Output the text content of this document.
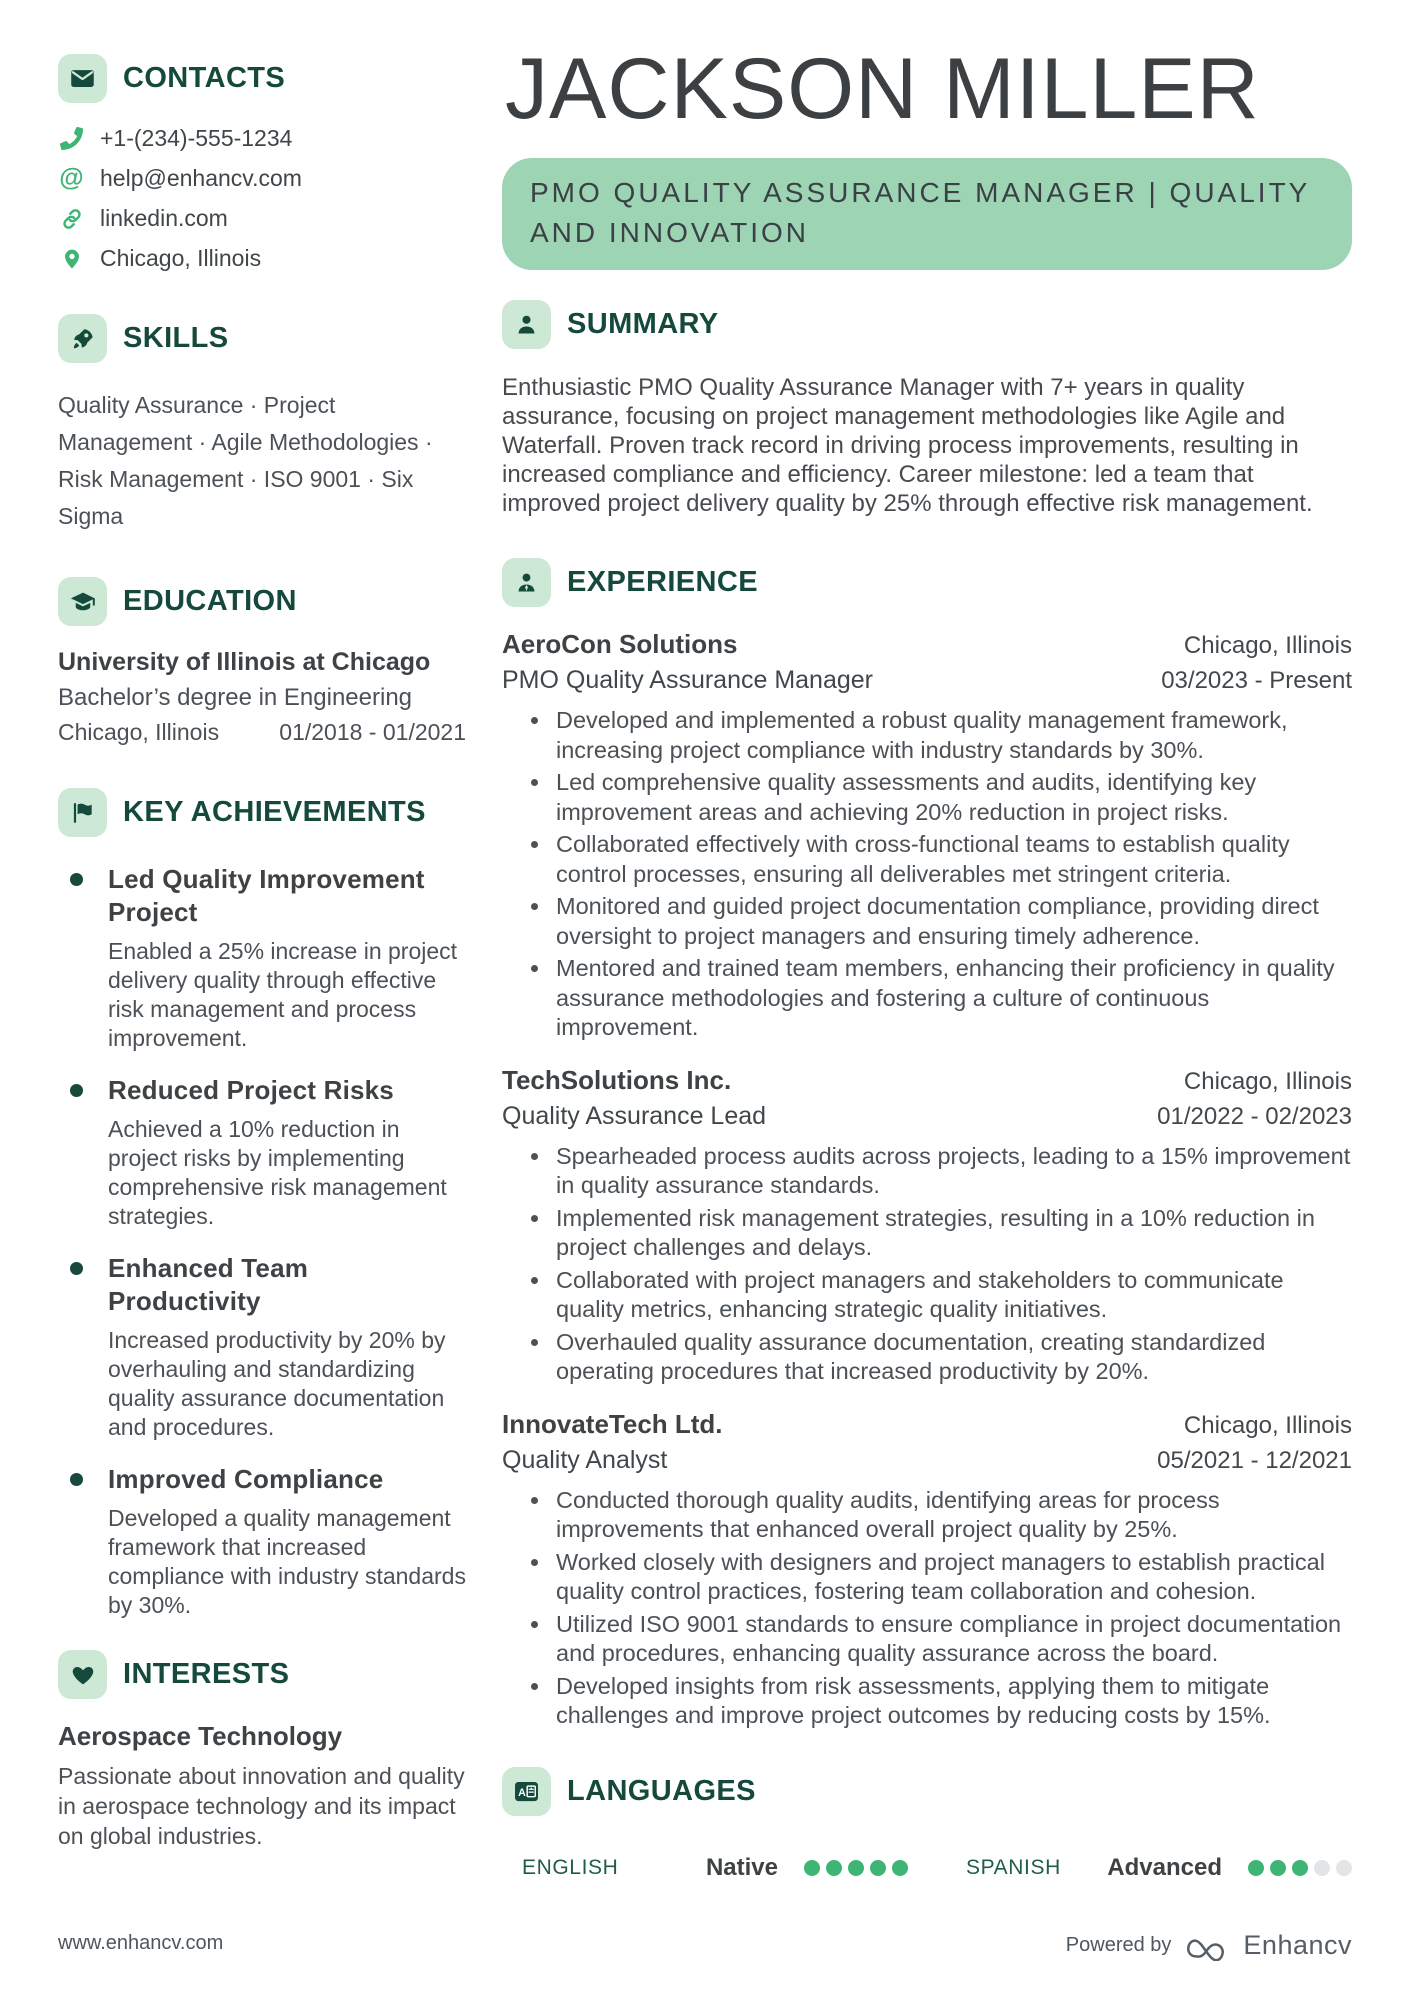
CONTACTS
+1-(234)-555-1234
@ help@enhancv.com
linkedin.com
Chicago, Illinois
SKILLS

Quality Assurance · Project Management · Agile Methodologies · Risk Management · ISO 9001 · Six Sigma

EDUCATION
University of Illinois at Chicago
Bachelor’s degree in Engineering
Chicago, Illinois	01/2018 - 01/2021
KEY ACHIEVEMENTS
Led Quality Improvement Project
Enabled a 25% increase in project delivery quality through effective risk management and process improvement.
Reduced Project Risks
Achieved a 10% reduction in project risks by implementing comprehensive risk management strategies.
Enhanced Team Productivity
Increased productivity by 20% by overhauling and standardizing quality assurance documentation and procedures.
Improved Compliance
Developed a quality management framework that increased compliance with industry standards by 30%.
INTERESTS
Aerospace Technology

Passionate about innovation and quality in aerospace technology and its impact on global industries.

JACKSON MILLER
PMO QUALITY ASSURANCE MANAGER | QUALITY AND INNOVATION
SUMMARY

Enthusiastic PMO Quality Assurance Manager with 7+ years in quality assurance, focusing on project management methodologies like Agile and Waterfall. Proven track record in driving process improvements, resulting in increased compliance and efficiency. Career milestone: led a team that improved project delivery quality by 25% through effective risk management.

EXPERIENCE
AeroCon Solutions	Chicago, Illinois
PMO Quality Assurance Manager	03/2023 - Present
Developed and implemented a robust quality management framework, increasing project compliance with industry standards by 30%.
Led comprehensive quality assessments and audits, identifying key improvement areas and achieving 20% reduction in project risks.
Collaborated effectively with cross-functional teams to establish quality control processes, ensuring all deliverables met stringent criteria.
Monitored and guided project documentation compliance, providing direct oversight to project managers and ensuring timely adherence.
Mentored and trained team members, enhancing their proficiency in quality assurance methodologies and fostering a culture of continuous improvement.
TechSolutions Inc.	Chicago, Illinois
Quality Assurance Lead	01/2022 - 02/2023
Spearheaded process audits across projects, leading to a 15% improvement in quality assurance standards.
Implemented risk management strategies, resulting in a 10% reduction in project challenges and delays.
Collaborated with project managers and stakeholders to communicate quality metrics, enhancing strategic quality initiatives.
Overhauled quality assurance documentation, creating standardized operating procedures that increased productivity by 20%.
InnovateTech Ltd.	Chicago, Illinois
Quality Analyst	05/2021 - 12/2021
Conducted thorough quality audits, identifying areas for process improvements that enhanced overall project quality by 25%.
Worked closely with designers and project managers to establish practical quality control practices, fostering team collaboration and cohesion.
Utilized ISO 9001 standards to ensure compliance in project documentation and procedures, enhancing quality assurance across the board.
Developed insights from risk assessments, applying them to mitigate challenges and improve project outcomes by reducing costs by 15%.
A LANGUAGES
ENGLISH	Native	SPANISH Advanced
www.enhancv.com	Powered by	Enhancv
